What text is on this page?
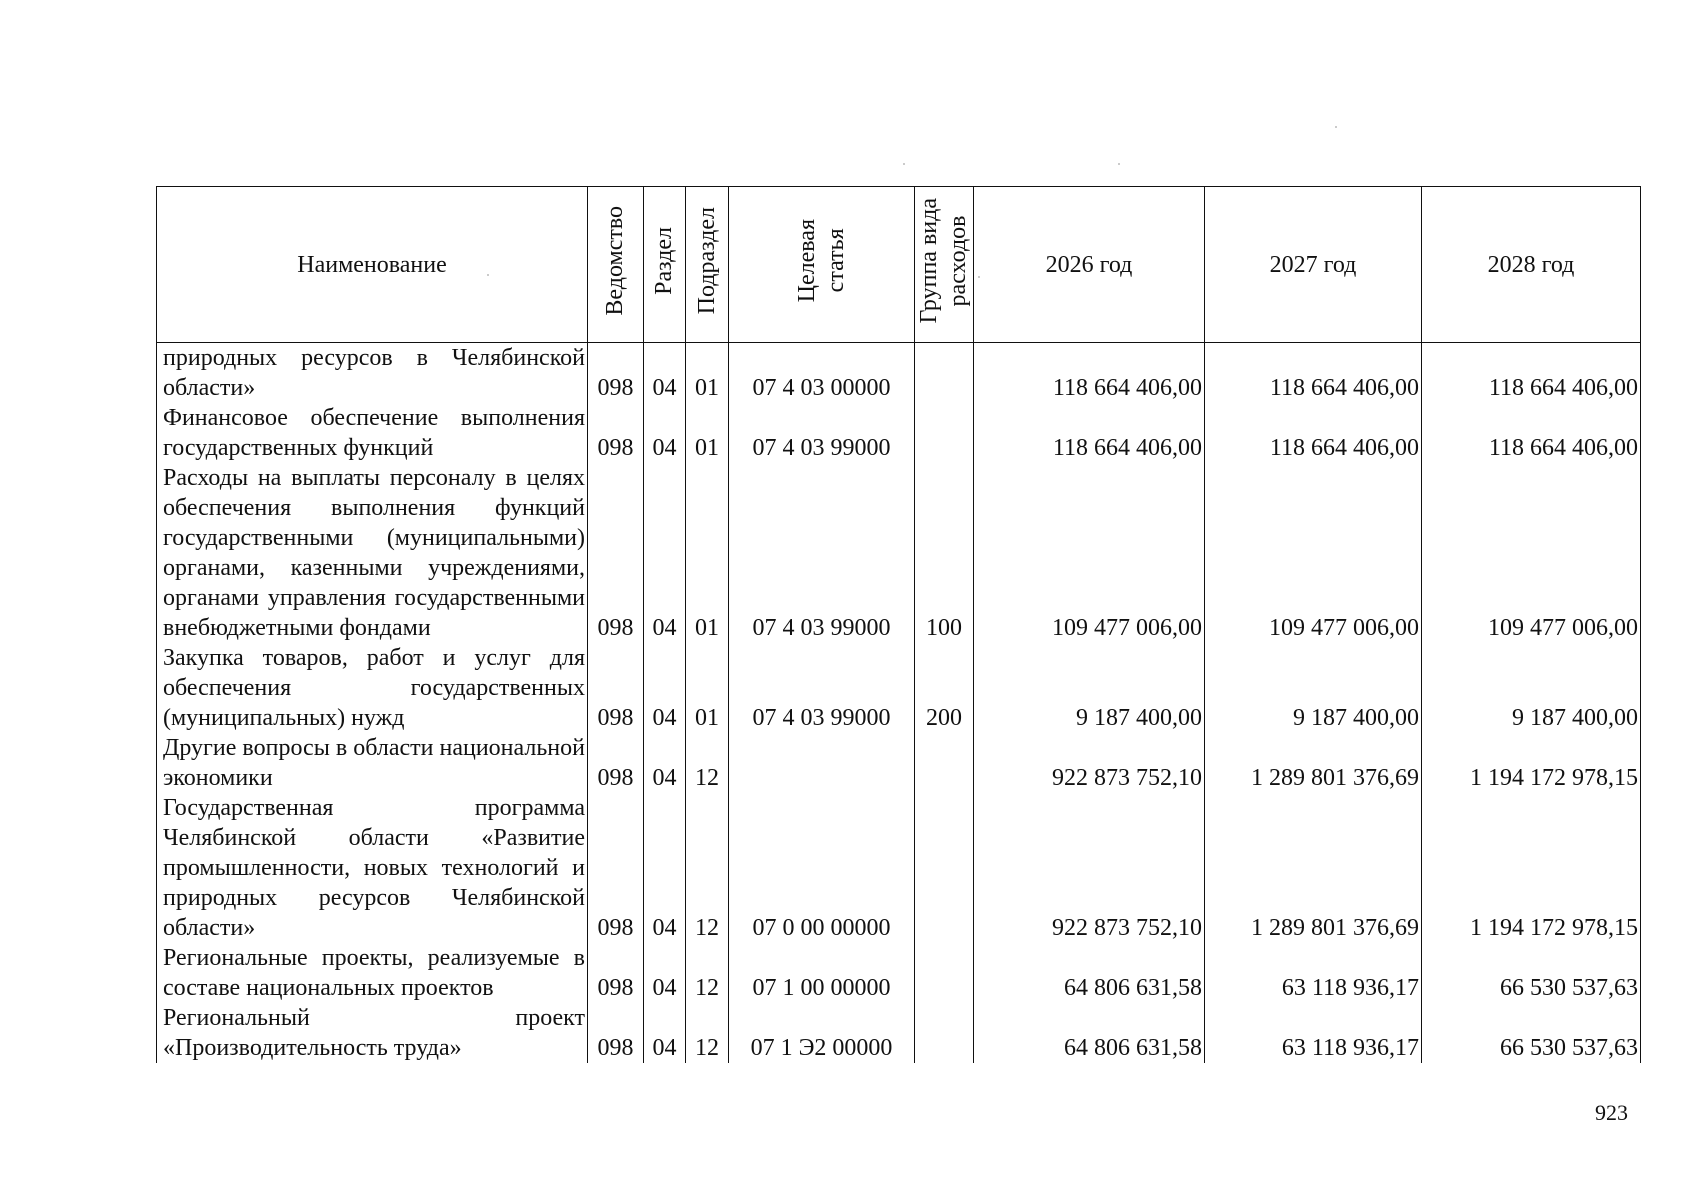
Наименование	Ведомство	Раздел	Подраздел	Целевая статья	Группа вида расходов	2026 год	2027 год	2028 год
природных ресурсов в Челябинской области»	098	04	01	07 4 03 00000		118 664 406,00	118 664 406,00	118 664 406,00
Финансовое обеспечение выполнения государственных функций	098	04	01	07 4 03 99000		118 664 406,00	118 664 406,00	118 664 406,00
Расходы на выплаты персоналу в целях обеспечения выполнения функций государственными (муниципальными) органами, казенными учреждениями, органами управления государственными внебюджетными фондами	098	04	01	07 4 03 99000	100	109 477 006,00	109 477 006,00	109 477 006,00
Закупка товаров, работ и услуг для обеспечения государственных (муниципальных) нужд	098	04	01	07 4 03 99000	200	9 187 400,00	9 187 400,00	9 187 400,00
Другие вопросы в области национальной экономики	098	04	12			922 873 752,10	1 289 801 376,69	1 194 172 978,15
Государственная программа Челябинской области «Развитие промышленности, новых технологий и природных ресурсов Челябинской области»	098	04	12	07 0 00 00000		922 873 752,10	1 289 801 376,69	1 194 172 978,15
Региональные проекты, реализуемые в составе национальных проектов	098	04	12	07 1 00 00000		64 806 631,58	63 118 936,17	66 530 537,63
Региональный проект «Производительность труда»	098	04	12	07 1 Э2 00000		64 806 631,58	63 118 936,17	66 530 537,63
923
